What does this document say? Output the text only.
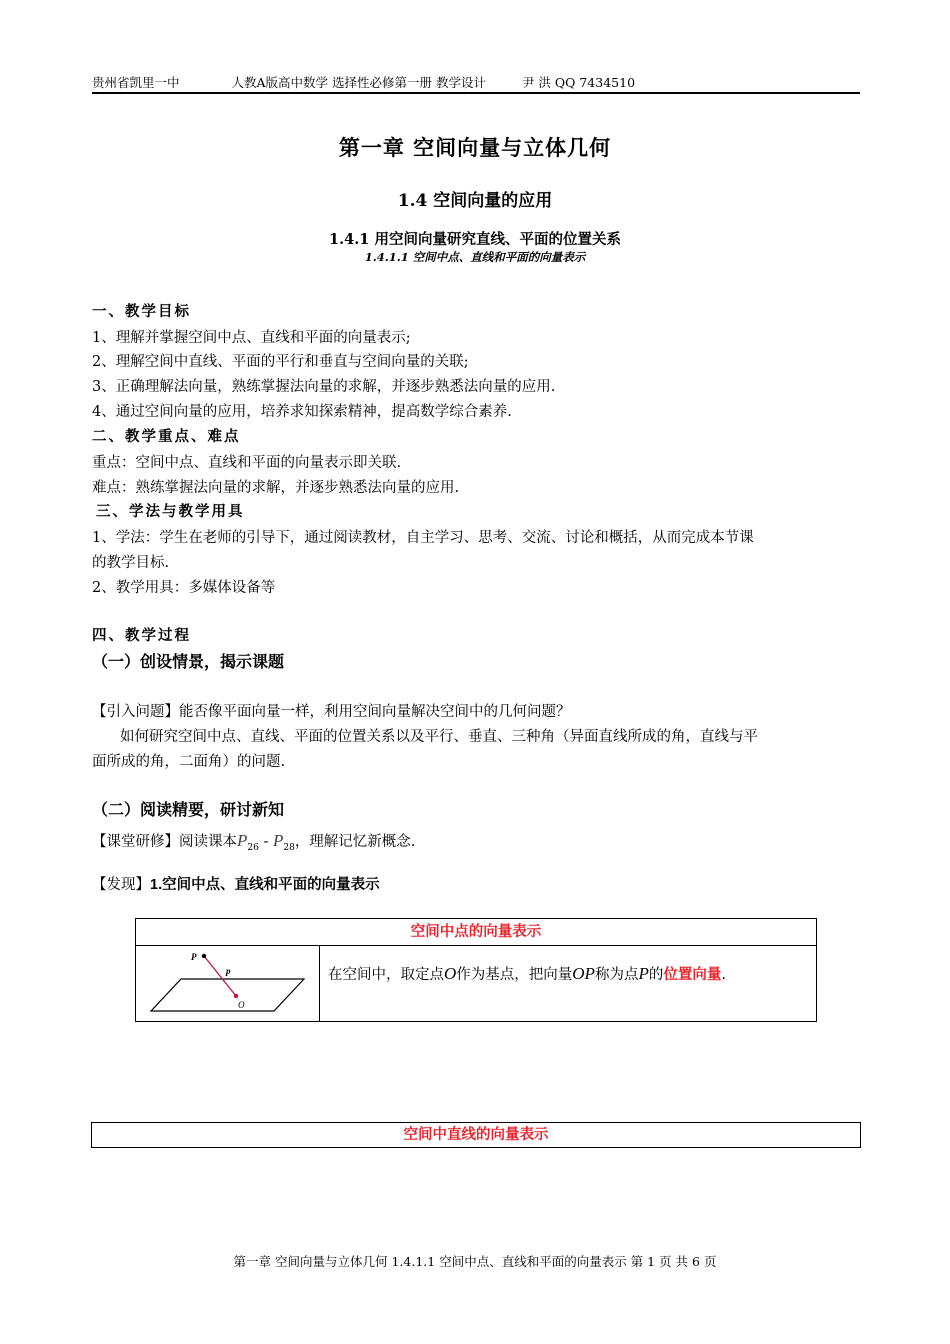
贵州省凯里一中	人教A版高中数学 选择性必修第一册 教学设计	尹 洪 QQ 7434510
第一章 空间向量与立体几何
1.4 空间向量的应用
1.4.1 用空间向量研究直线、平面的位置关系
1.4.1.1 空间中点、直线和平面的向量表示
一、教学目标
1、理解并掌握空间中点、直线和平面的向量表示;
2、理解空间中直线、平面的平行和垂直与空间向量的关联;
3、正确理解法向量，熟练掌握法向量的求解，并逐步熟悉法向量的应用.
4、通过空间向量的应用，培养求知探索精神，提高数学综合素养.
二、教学重点、难点
重点：空间中点、直线和平面的向量表示即关联.
难点：熟练掌握法向量的求解，并逐步熟悉法向量的应用.
三、学法与教学用具
1、学法：学生在老师的引导下，通过阅读教材，自主学习、思考、交流、讨论和概括，从而完成本节课
的教学目标.
2、教学用具：多媒体设备等
四、教学过程
（一）创设情景，揭示课题
【引入问题】能否像平面向量一样，利用空间向量解决空间中的几何问题？
如何研究空间中点、直线、平面的位置关系以及平行、垂直、三种角（异面直线所成的角，直线与平
面所成的角，二面角）的问题.
（二）阅读精要，研讨新知
【课堂研修】阅读课本$P_{26} - P_{28}$，理解记忆新概念.
【发现】1.空间中点、直线和平面的向量表示
空间中点的向量表示
P
p
O
在空间中，取定点O作为基点，把向量OP称为点P的位置向量.
空间中直线的向量表示
第一章 空间向量与立体几何 1.4.1.1 空间中点、直线和平面的向量表示 第 1 页 共 6 页
